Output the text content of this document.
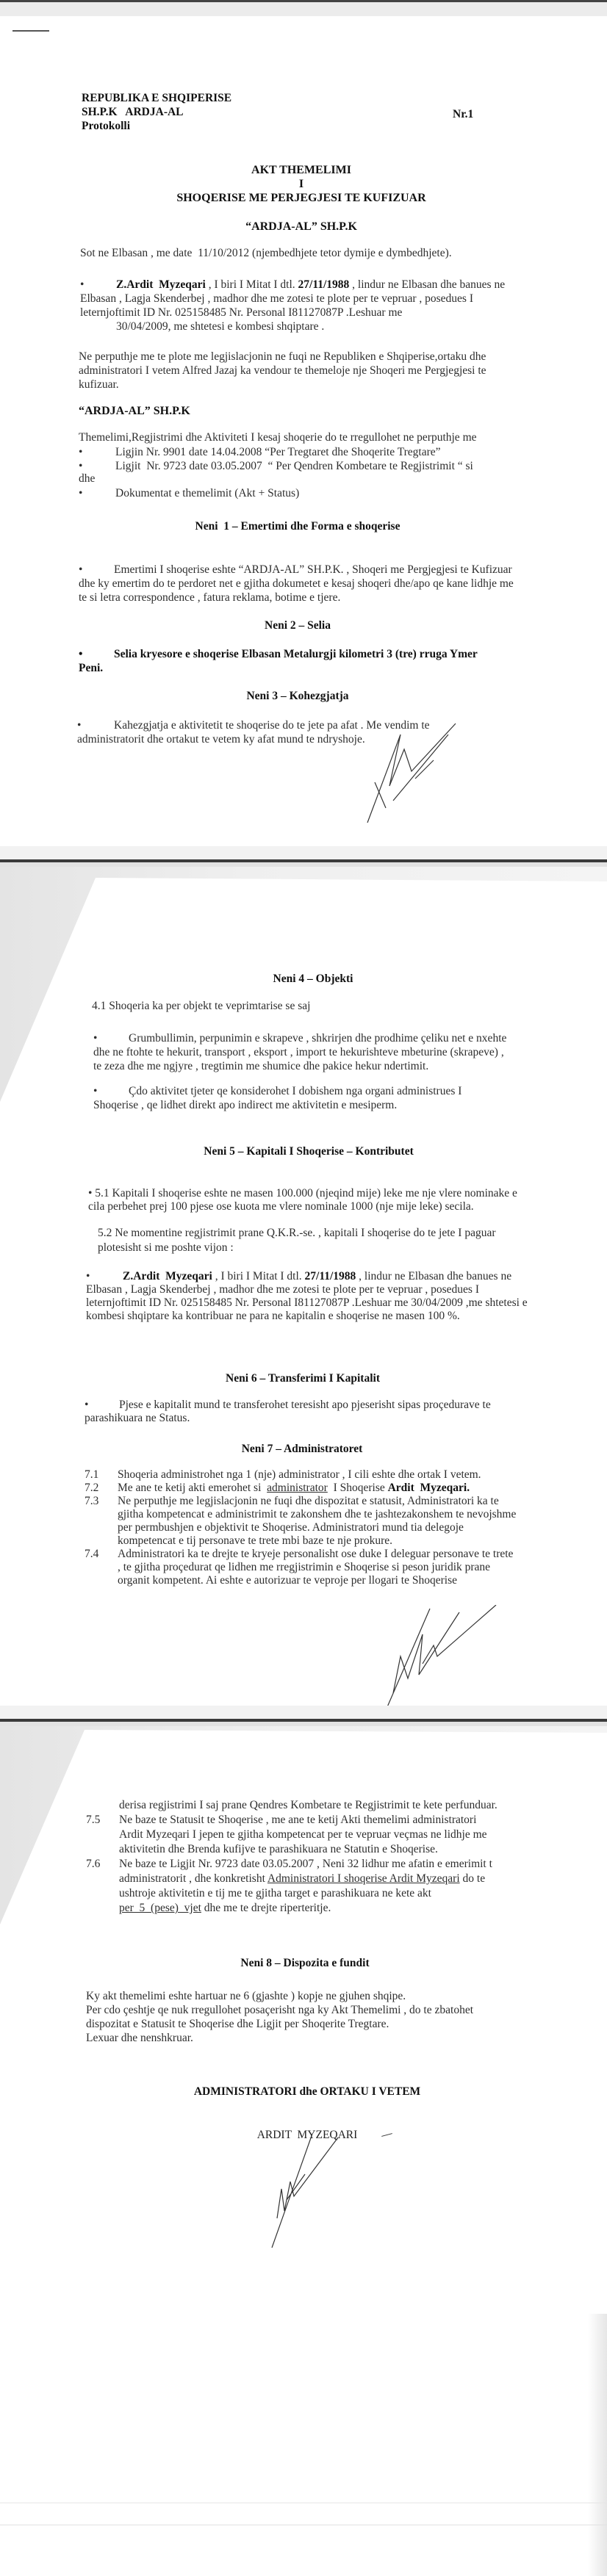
REPUBLIKA E SHQIPERISE
SH.P.K   ARDJA-AL
Protokolli
Nr.1
AKT THEMELIMI
I
SHOQERISE ME PERJEGJESI TE KUFIZUAR
“ARDJA-AL” SH.P.K
Sot ne Elbasan , me date  11/10/2012 (njembedhjete tetor dymije e dymbedhjete).
•	Z.Ardit  Myzeqari , I biri I Mitat I dtl. 27/11/1988 , lindur ne Elbasan dhe banues ne Elbasan , Lagja Skenderbej , madhor dhe me zotesi te plote per te vepruar , posedues I leternjoftimit ID Nr. 025158485 Nr. Personal I81127087P .Leshuar me
30/04/2009, me shtetesi e kombesi shqiptare .
Ne perputhje me te plote me legjislacjonin ne fuqi ne Republiken e Shqiperise,ortaku dhe administratori I vetem Alfred Jazaj ka vendour te themeloje nje Shoqeri me Pergjegjesi te kufizuar.
“ARDJA-AL” SH.P.K
Themelimi,Regjistrimi dhe Aktiviteti I kesaj shoqerie do te rregullohet ne perputhje me
•	Ligjin Nr. 9901 date 14.04.2008 “Per Tregtaret dhe Shoqerite Tregtare”
•	Ligjit  Nr. 9723 date 03.05.2007  “ Per Qendren Kombetare te Regjistrimit “ si
dhe
•	Dokumentat e themelimit (Akt + Status)
Neni  1 – Emertimi dhe Forma e shoqerise
•	Emertimi I shoqerise eshte “ARDJA-AL” SH.P.K. , Shoqeri me Pergjegjesi te Kufizuar dhe ky emertim do te perdoret net e gjitha dokumetet e kesaj shoqeri dhe/apo qe kane lidhje me te si letra correspondence , fatura reklama, botime e tjere.
Neni 2 – Selia
•	Selia kryesore e shoqerise Elbasan Metalurgji kilometri 3 (tre) rruga Ymer Peni.
Neni 3 – Kohezgjatja
•	Kahezgjatja e aktivitetit te shoqerise do te jete pa afat . Me vendim te administratorit dhe ortakut te vetem ky afat mund te ndryshoje.
Neni 4 – Objekti
4.1 Shoqeria ka per objekt te veprimtarise se saj
•	Grumbullimin, perpunimin e skrapeve , shkrirjen dhe prodhime çeliku net e nxehte dhe ne ftohte te hekurit, transport , eksport , import te hekurishteve mbeturine (skrapeve) , te zeza dhe me ngjyre , tregtimin me shumice dhe pakice hekur ndertimit.
•	Çdo aktivitet tjeter qe konsiderohet I dobishem nga organi administrues I Shoqerise , qe lidhet direkt apo indirect me aktivitetin e mesiperm.
Neni 5 – Kapitali I Shoqerise – Kontributet
• 5.1 Kapitali I shoqerise eshte ne masen 100.000 (njeqind mije) leke me nje vlere nominake e cila perbehet prej 100 pjese ose kuota me vlere nominale 1000 (nje mije leke) secila.
5.2 Ne momentine regjistrimit prane Q.K.R.-se. , kapitali I shoqerise do te jete I paguar plotesisht si me poshte vijon :
•	Z.Ardit  Myzeqari , I biri I Mitat I dtl. 27/11/1988 , lindur ne Elbasan dhe banues ne Elbasan , Lagja Skenderbej , madhor dhe me zotesi te plote per te vepruar , posedues I leternjoftimit ID Nr. 025158485 Nr. Personal I81127087P .Leshuar me 30/04/2009 ,me shtetesi e kombesi shqiptare ka kontribuar ne para ne kapitalin e shoqerise ne masen 100 %.
Neni 6 – Transferimi I Kapitalit
•	Pjese e kapitalit mund te transferohet teresisht apo pjeserisht sipas proçedurave te parashikuara ne Status.
Neni 7 – Administratoret
7.1 Shoqeria administrohet nga 1 (nje) administrator , I cili eshte dhe ortak I vetem.
7.2 Me ane te ketij akti emerohet si  administrator  I Shoqerise Ardit  Myzeqari.
7.3 Ne perputhje me legjislacjonin ne fuqi dhe dispozitat e statusit, Administratori ka te gjitha kompetencat e administrimit te zakonshem dhe te jashtezakonshem te nevojshme per permbushjen e objektivit te Shoqerise. Administratori mund tia delegoje kompetencat e tij personave te trete mbi baze te nje prokure.
7.4 Administratori ka te drejte te kryeje personalisht ose duke I deleguar personave te trete , te gjitha proçedurat qe lidhen me rregjistrimin e Shoqerise si peson juridik prane organit kompetent. Ai eshte e autorizuar te veproje per llogari te Shoqerise
derisa regjistrimi I saj prane Qendres Kombetare te Regjistrimit te kete perfunduar.
7.5 Ne baze te Statusit te Shoqerise , me ane te ketij Akti themelimi administratori Ardit Myzeqari I jepen te gjitha kompetencat per te vepruar veçmas ne lidhje me aktivitetin dhe Brenda kufijve te parashikuara ne Statutin e Shoqerise.
7.6 Ne baze te Ligjit Nr. 9723 date 03.05.2007 , Neni 32 lidhur me afatin e emerimit t administratorit , dhe konkretisht Administratori I shoqerise Ardit Myzeqari do te ushtroje aktivitetin e tij me te gjitha target e parashikuara ne kete akt per  5  (pese)  vjet dhe me te drejte riperteritje.
Neni 8 – Dispozita e fundit
Ky akt themelimi eshte hartuar ne 6 (gjashte ) kopje ne gjuhen shqipe.
Per cdo çeshtje qe nuk rregullohet posaçerisht nga ky Akt Themelimi , do te zbatohet dispozitat e Statusit te Shoqerise dhe Ligjit per Shoqerite Tregtare.
Lexuar dhe nenshkruar.
ADMINISTRATORI dhe ORTAKU I VETEM
ARDIT  MYZEQARI
